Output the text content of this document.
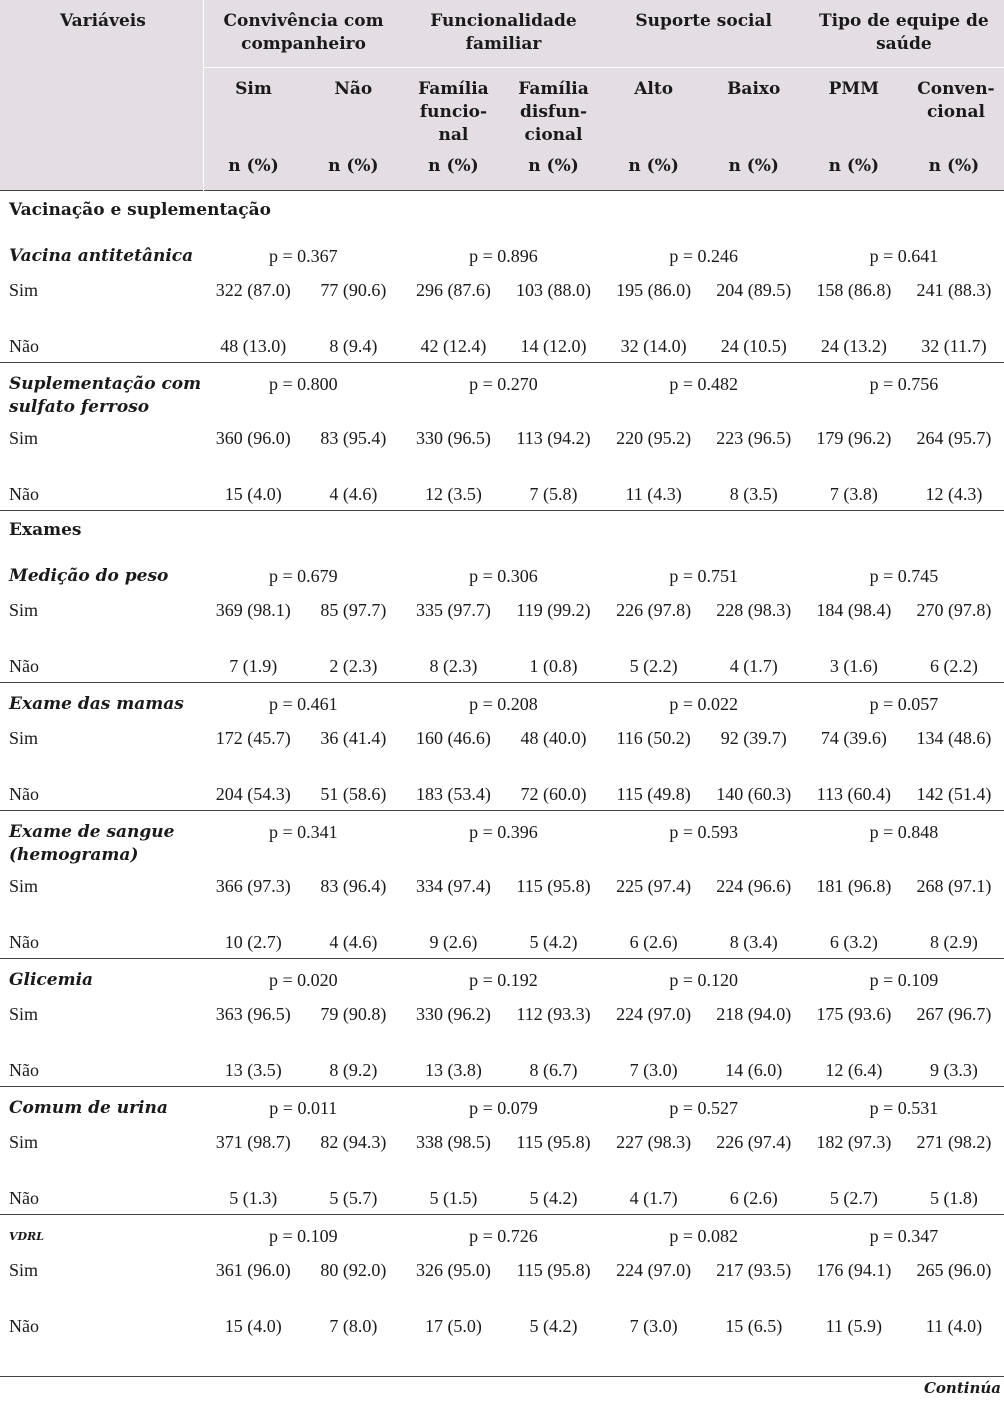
Variáveis	Convivência com companheiro		Funcionalidade familiar		Suporte social		Tipo de equipe de saúde	
	Sim	Não	Família funcio-nal	Família disfun-cional	Alto	Baixo	PMM	Conven-cional
	n (%)	n (%)	n (%)	n (%)	n (%)	n (%)	n (%)	n (%)
Vacinação e suplementação								
Vacina antitetânica	p = 0.367		p = 0.896		p = 0.246		p = 0.641	
Sim	322 (87.0)	77 (90.6)	296 (87.6)	103 (88.0)	195 (86.0)	204 (89.5)	158 (86.8)	241 (88.3)
Não	48 (13.0)	8 (9.4)	42 (12.4)	14 (12.0)	32 (14.0)	24 (10.5)	24 (13.2)	32 (11.7)
Suplementação com sulfato ferroso	p = 0.800		p = 0.270		p = 0.482		p = 0.756	
Sim	360 (96.0)	83 (95.4)	330 (96.5)	113 (94.2)	220 (95.2)	223 (96.5)	179 (96.2)	264 (95.7)
Não	15 (4.0)	4 (4.6)	12 (3.5)	7 (5.8)	11 (4.3)	8 (3.5)	7 (3.8)	12 (4.3)
Exames								
Medição do peso	p = 0.679		p = 0.306		p = 0.751		p = 0.745	
Sim	369 (98.1)	85 (97.7)	335 (97.7)	119 (99.2)	226 (97.8)	228 (98.3)	184 (98.4)	270 (97.8)
Não	7 (1.9)	2 (2.3)	8 (2.3)	1 (0.8)	5 (2.2)	4 (1.7)	3 (1.6)	6 (2.2)
Exame das mamas	p = 0.461		p = 0.208		p = 0.022		p = 0.057	
Sim	172 (45.7)	36 (41.4)	160 (46.6)	48 (40.0)	116 (50.2)	92 (39.7)	74 (39.6)	134 (48.6)
Não	204 (54.3)	51 (58.6)	183 (53.4)	72 (60.0)	115 (49.8)	140 (60.3)	113 (60.4)	142 (51.4)
Exame de sangue (hemograma)	p = 0.341		p = 0.396		p = 0.593		p = 0.848	
Sim	366 (97.3)	83 (96.4)	334 (97.4)	115 (95.8)	225 (97.4)	224 (96.6)	181 (96.8)	268 (97.1)
Não	10 (2.7)	4 (4.6)	9 (2.6)	5 (4.2)	6 (2.6)	8 (3.4)	6 (3.2)	8 (2.9)
Glicemia	p = 0.020		p = 0.192		p = 0.120		p = 0.109	
Sim	363 (96.5)	79 (90.8)	330 (96.2)	112 (93.3)	224 (97.0)	218 (94.0)	175 (93.6)	267 (96.7)
Não	13 (3.5)	8 (9.2)	13 (3.8)	8 (6.7)	7 (3.0)	14 (6.0)	12 (6.4)	9 (3.3)
Comum de urina	p = 0.011		p = 0.079		p = 0.527		p = 0.531	
Sim	371 (98.7)	82 (94.3)	338 (98.5)	115 (95.8)	227 (98.3)	226 (97.4)	182 (97.3)	271 (98.2)
Não	5 (1.3)	5 (5.7)	5 (1.5)	5 (4.2)	4 (1.7)	6 (2.6)	5 (2.7)	5 (1.8)
VDRL	p = 0.109		p = 0.726		p = 0.082		p = 0.347	
Sim	361 (96.0)	80 (92.0)	326 (95.0)	115 (95.8)	224 (97.0)	217 (93.5)	176 (94.1)	265 (96.0)
Não	15 (4.0)	7 (8.0)	17 (5.0)	5 (4.2)	7 (3.0)	15 (6.5)	11 (5.9)	11 (4.0)
Continúa
